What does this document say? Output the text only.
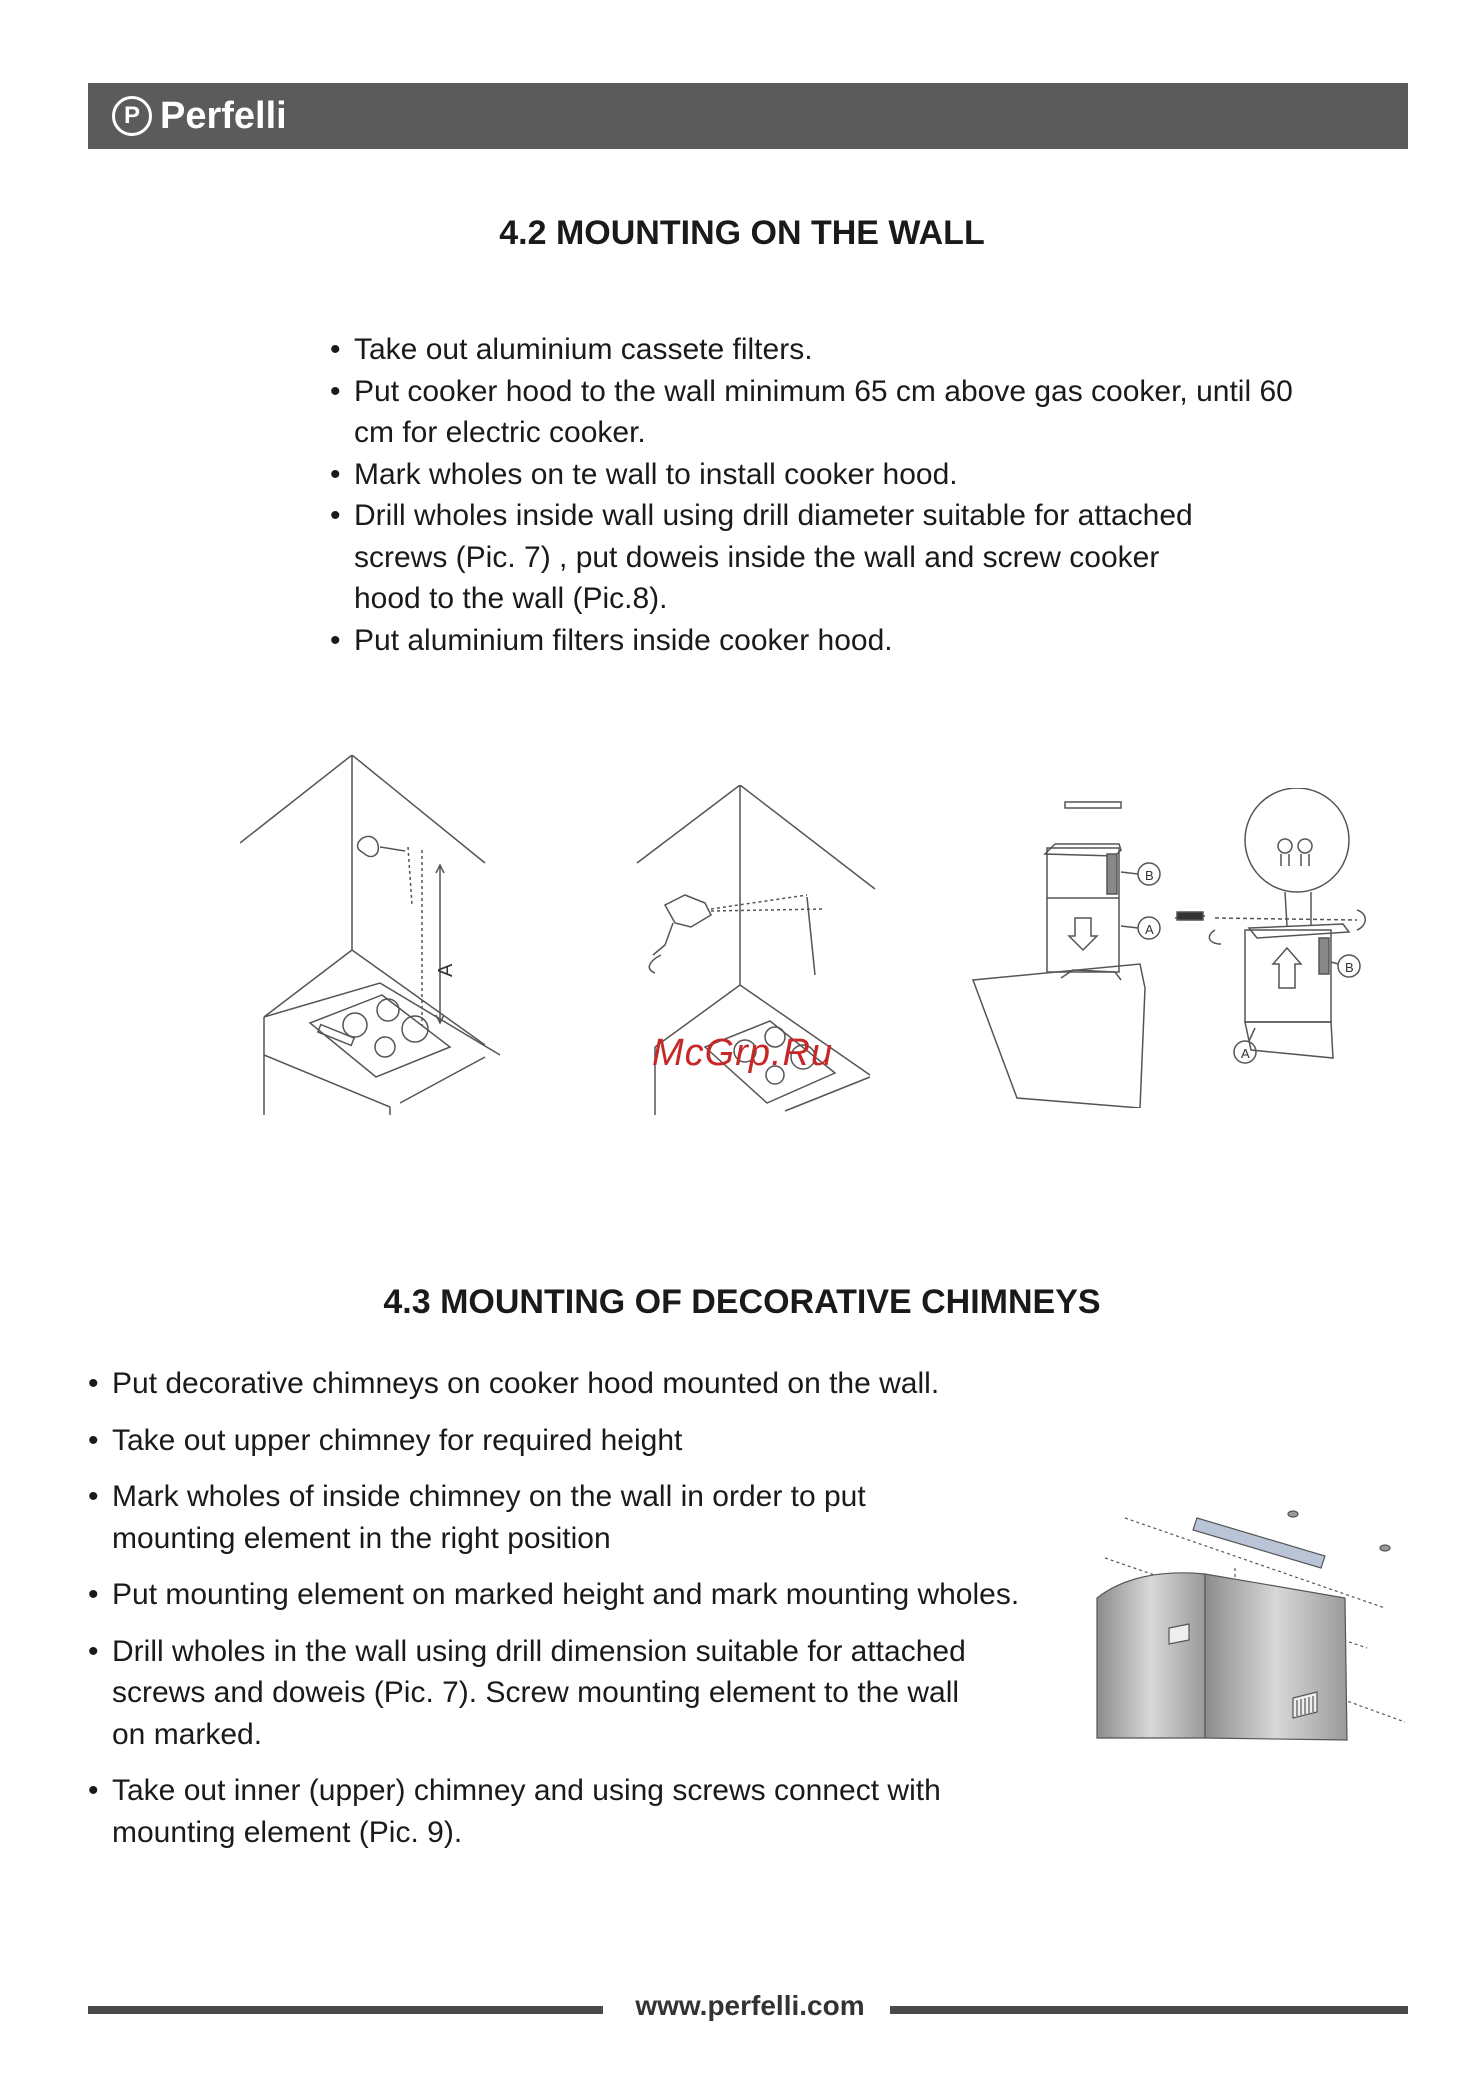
P Perfelli
4.2 MOUNTING ON THE WALL
• Take out aluminium cassete filters.
• Put cooker hood to the wall minimum 65 cm above gas cooker, until 60 cm for electric cooker.
• Mark wholes on te wall to install cooker hood.
• Drill wholes inside wall using drill diameter suitable for attached screws (Pic. 7) , put doweis inside the wall and screw cooker hood to the wall (Pic.8).
• Put aluminium filters inside cooker hood.
A
B
A
B
A
McGrp.Ru
4.3 MOUNTING OF DECORATIVE CHIMNEYS
• Put decorative chimneys on cooker hood mounted on the wall.
• Take out upper chimney for required height
• Mark wholes of inside chimney on the wall in order to put mounting element in the right position
• Put mounting element on marked height and mark mounting wholes.
• Drill wholes in the wall using drill dimension suitable for attached screws and doweis (Pic. 7). Screw mounting element to the wall on marked.
• Take out inner (upper) chimney and using screws connect with mounting element (Pic. 9).
www.perfelli.com
